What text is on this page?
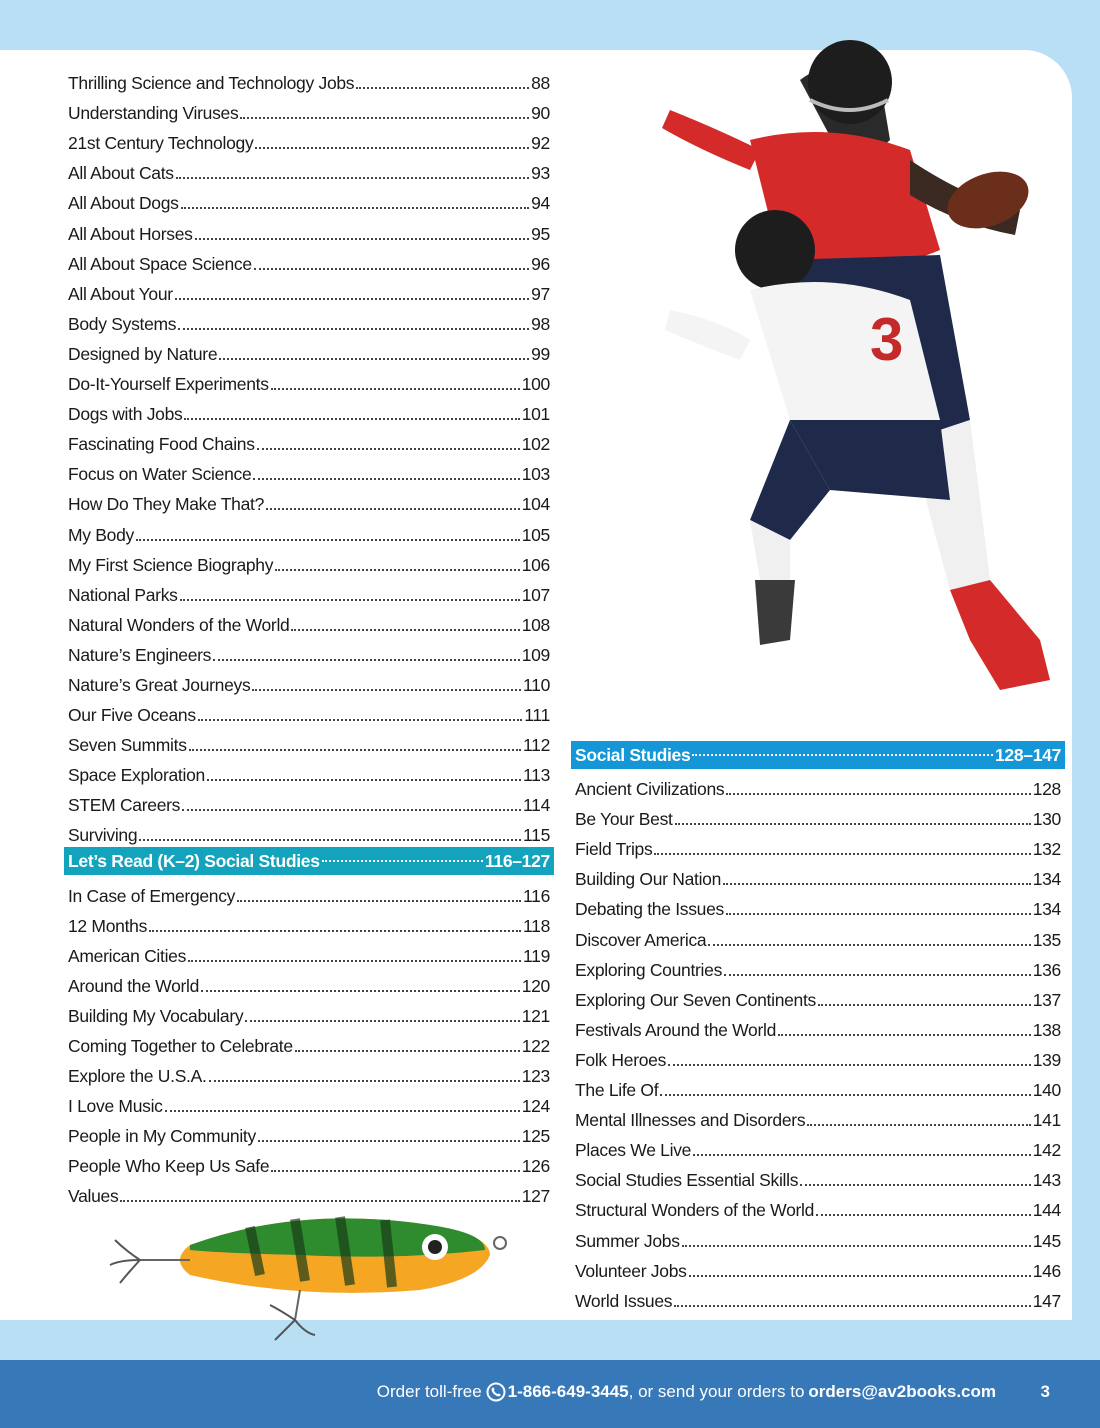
Thrilling Science and Technology Jobs	88
Understanding Viruses	90
21st Century Technology	92
All About Cats	93
All About Dogs	94
All About Horses	95
All About Space Science	96
All About Your	97
Body Systems	98
Designed by Nature	99
Do-It-Yourself Experiments	100
Dogs with Jobs	101
Fascinating Food Chains	102
Focus on Water Science	103
How Do They Make That?	104
My Body	105
My First Science Biography	106
National Parks	107
Natural Wonders of the World	108
Nature’s Engineers	109
Nature’s Great Journeys	110
Our Five Oceans	111
Seven Summits	112
Space Exploration	113
STEM Careers	114
Surviving	115
Let’s Read (K–2) Social Studies	116–127
In Case of Emergency	116
12 Months	118
American Cities	119
Around the World	120
Building My Vocabulary	121
Coming Together to Celebrate	122
Explore the U.S.A.	123
I Love Music	124
People in My Community	125
People Who Keep Us Safe	126
Values	127
Social Studies	128–147
Ancient Civilizations	128
Be Your Best	130
Field Trips	132
Building Our Nation	134
Debating the Issues	134
Discover America	135
Exploring Countries	136
Exploring Our Seven Continents	137
Festivals Around the World	138
Folk Heroes	139
The Life Of	140
Mental Illnesses and Disorders	141
Places We Live	142
Social Studies Essential Skills	143
Structural Wonders of the World	144
Summer Jobs	145
Volunteer Jobs	146
World Issues	147
3
Order toll-free 1-866-649-3445 , or send your orders to orders@av2books.com	3
